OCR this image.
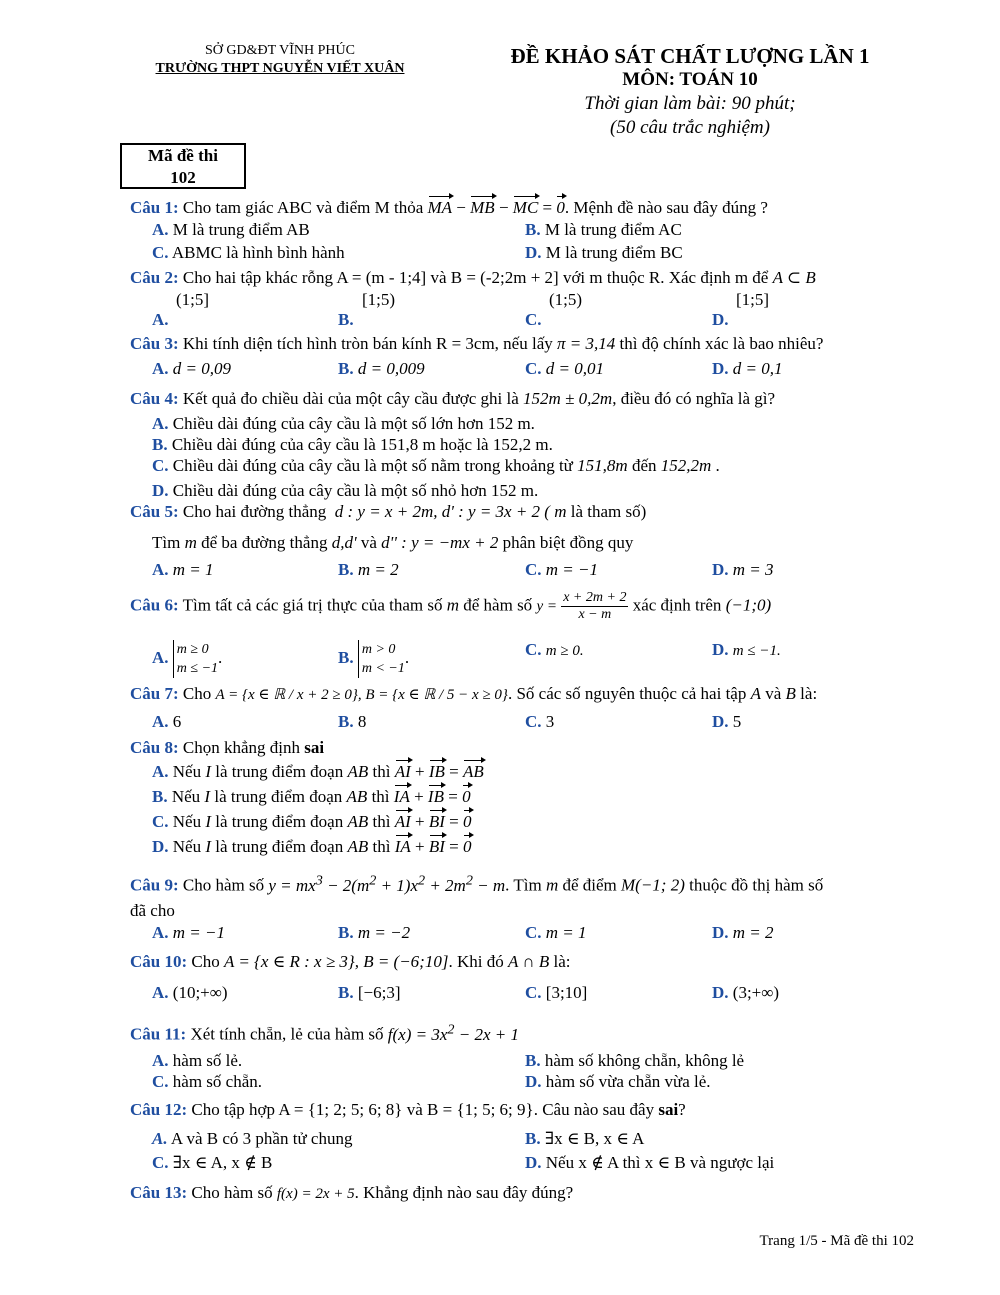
SỞ GD&ĐT VĨNH PHÚC
TRƯỜNG THPT NGUYỄN VIẾT XUÂN
ĐỀ KHẢO SÁT CHẤT LƯỢNG LẦN 1
MÔN: TOÁN 10
Thời gian làm bài: 90 phút;
(50 câu trắc nghiệm)
Mã đề thi
102
Câu 1: Cho tam giác ABC và điểm M thỏa MA − MB − MC = 0. Mệnh đề nào sau đây đúng ?
A. M là trung điểm AB	B. M là trung điểm AC
C. ABMC là hình bình hành	D. M là trung điểm BC
Câu 2: Cho hai tập khác rỗng A = (m - 1;4] và B = (-2;2m + 2] với m thuộc R. Xác định m để A ⊂ B
(1;5]	[1;5)	(1;5)	[1;5]
A.	B.	C.	D.
Câu 3: Khi tính diện tích hình tròn bán kính R = 3cm, nếu lấy π = 3,14 thì độ chính xác là bao nhiêu?
A. d = 0,09	B. d = 0,009	C. d = 0,01	D. d = 0,1
Câu 4: Kết quả đo chiều dài của một cây cầu được ghi là 152m ± 0,2m, điều đó có nghĩa là gì?
A. Chiều dài đúng của cây cầu là một số lớn hơn 152 m.
B. Chiều dài đúng của cây cầu là 151,8 m hoặc là 152,2 m.
C. Chiều dài đúng của cây cầu là một số nằm trong khoảng từ 151,8m đến 152,2m .
D. Chiều dài đúng của cây cầu là một số nhỏ hơn 152 m.
Câu 5: Cho hai đường thẳng  d : y = x + 2m, d' : y = 3x + 2 ( m là tham số)
Tìm m để ba đường thẳng d,d' và d'' : y = −mx + 2 phân biệt đồng quy
A. m = 1	B. m = 2	C. m = −1	D. m = 3
Câu 6: Tìm tất cả các giá trị thực của tham số m để hàm số $y = \frac{x + 2m + 2}{x - m}$ xác định trên (−1;0)
A. m ≥ 0
m ≤ −1
.	B. m > 0
m < −1
.	C. m ≥ 0.	D. m ≤ −1.
Câu 7: Cho A = {x ∈ ℝ / x + 2 ≥ 0}, B = {x ∈ ℝ / 5 − x ≥ 0}. Số các số nguyên thuộc cả hai tập A và B là:
A. 6	B. 8	C. 3	D. 5
Câu 8: Chọn khẳng định sai
A. Nếu I là trung điểm đoạn AB thì AI + IB = AB
B. Nếu I là trung điểm đoạn AB thì IA + IB = 0
C. Nếu I là trung điểm đoạn AB thì AI + BI = 0
D. Nếu I là trung điểm đoạn AB thì IA + BI = 0
Câu 9: Cho hàm số $y = mx^3 - 2(m^2 + 1)x^2 + 2m^2 - m$. Tìm m để điểm M(−1; 2) thuộc đồ thị hàm số
đã cho
A. m = −1	B. m = −2	C. m = 1	D. m = 2
Câu 10: Cho A = {x ∈ R : x ≥ 3}, B = (−6;10]. Khi đó A ∩ B là:
A. (10;+∞)	B. [−6;3]	C. [3;10]	D. (3;+∞)
Câu 11: Xét tính chẵn, lẻ của hàm số $f(x) = 3x^2 - 2x + 1$
A. hàm số lẻ.	B. hàm số không chẵn, không lẻ
C. hàm số chẵn.	D. hàm số vừa chẵn vừa lẻ.
Câu 12: Cho tập hợp A = {1; 2; 5; 6; 8} và B = {1; 5; 6; 9}. Câu nào sau đây sai?
A. A và B có 3 phần tử chung	B. ∃x ∈ B, x ∈ A
C. ∃x ∈ A, x ∉ B	D. Nếu x ∉ A thì x ∈ B và ngược lại
Câu 13: Cho hàm số f(x) = 2x + 5. Khẳng định nào sau đây đúng?
Trang 1/5 - Mã đề thi 102
